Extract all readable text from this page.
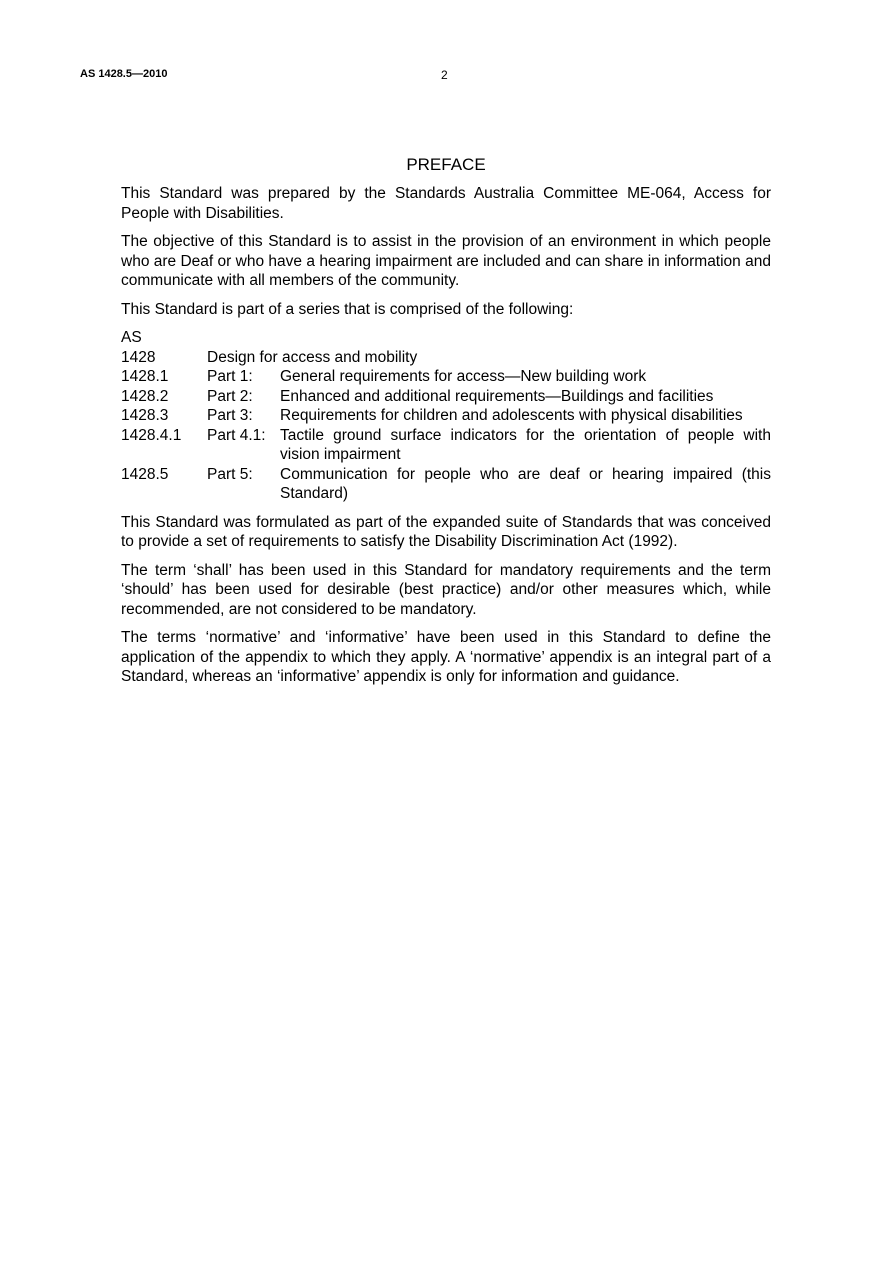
AS 1428.5—2010	2
PREFACE
This Standard was prepared by the Standards Australia Committee ME-064, Access for People with Disabilities.
The objective of this Standard is to assist in the provision of an environment in which people who are Deaf or who have a hearing impairment are included and can share in information and communicate with all members of the community.
This Standard is part of a series that is comprised of the following:
AS
1428	Design for access and mobility
1428.1	Part 1:	General requirements for access—New building work
1428.2	Part 2:	Enhanced and additional requirements—Buildings and facilities
1428.3	Part 3:	Requirements for children and adolescents with physical disabilities
1428.4.1	Part 4.1: Tactile ground surface indicators for the orientation of people with vision impairment
1428.5	Part 5:	Communication for people who are deaf or hearing impaired (this Standard)
This Standard was formulated as part of the expanded suite of Standards that was conceived to provide a set of requirements to satisfy the Disability Discrimination Act (1992).
The term ‘shall’ has been used in this Standard for mandatory requirements and the term ‘should’ has been used for desirable (best practice) and/or other measures which, while recommended, are not considered to be mandatory.
The terms ‘normative’ and ‘informative’ have been used in this Standard to define the application of the appendix to which they apply. A ‘normative’ appendix is an integral part of a Standard, whereas an ‘informative’ appendix is only for information and guidance.
